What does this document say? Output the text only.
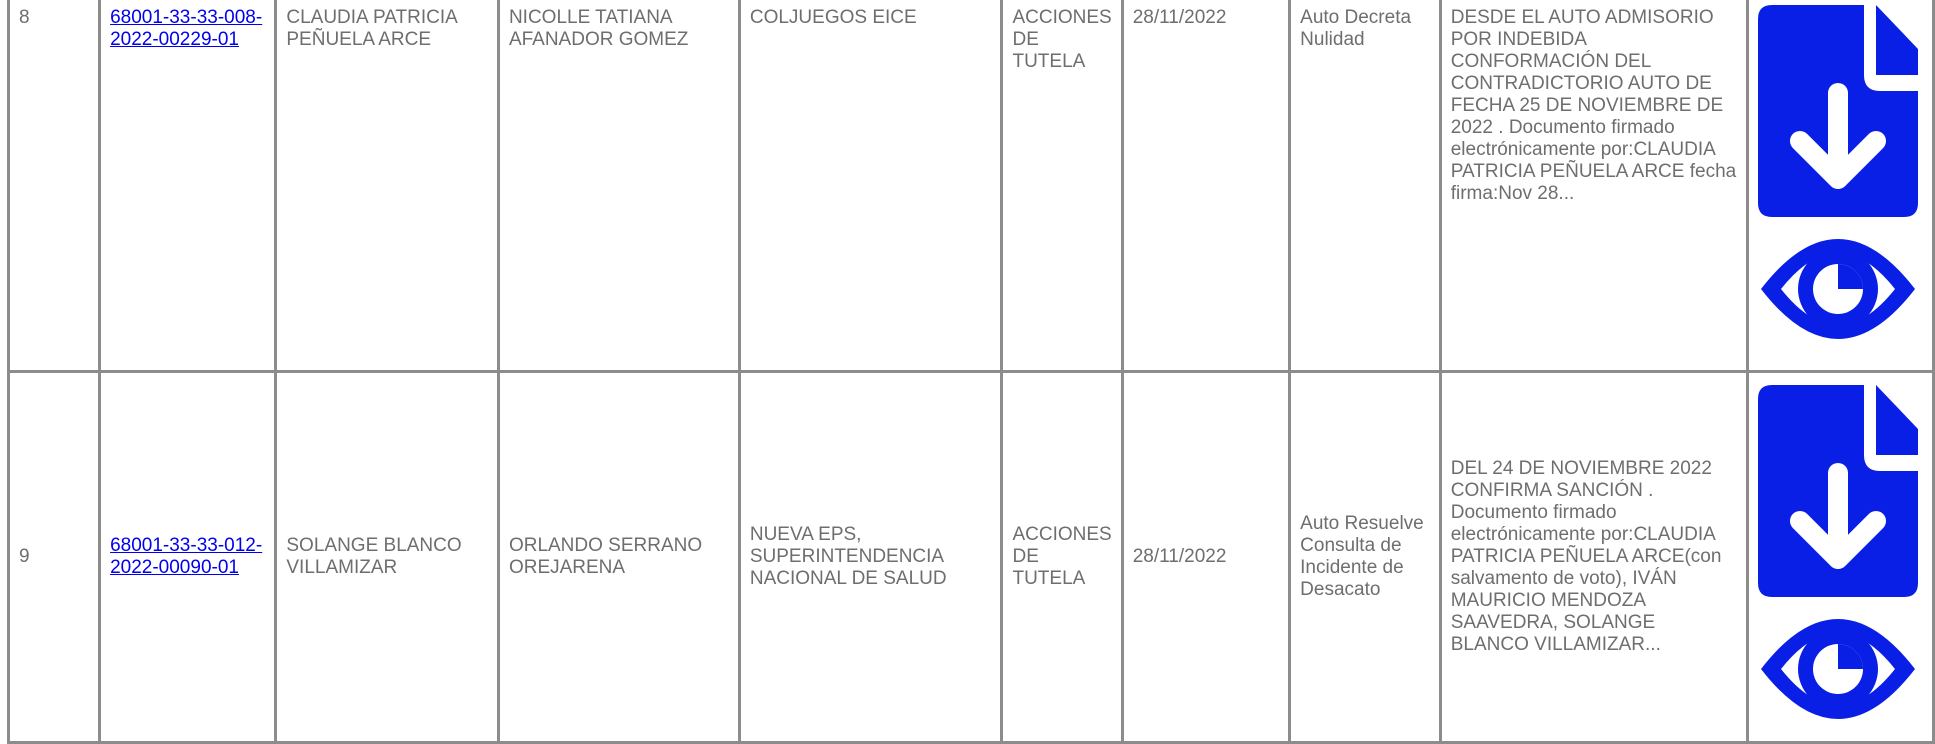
8	68001-33-33-008-2022-00229-01	CLAUDIA PATRICIA PEÑUELA ARCE	NICOLLE TATIANA AFANADOR GOMEZ	COLJUEGOS EICE	ACCIONES DE TUTELA	28/11/2022	Auto Decreta Nulidad	DESDE EL AUTO ADMISORIO POR INDEBIDA CONFORMACIÓN DEL CONTRADICTORIO AUTO DE FECHA 25 DE NOVIEMBRE DE 2022 . Documento firmado electrónicamente por:CLAUDIA PATRICIA PEÑUELA ARCE fecha firma:Nov 28...	

9	68001-33-33-012-2022-00090-01	SOLANGE BLANCO VILLAMIZAR	ORLANDO SERRANO OREJARENA	NUEVA EPS, SUPERINTENDENCIA NACIONAL DE SALUD	ACCIONES DE TUTELA	28/11/2022	Auto Resuelve Consulta de Incidente de Desacato	DEL 24 DE NOVIEMBRE 2022 CONFIRMA SANCIÓN . Documento firmado electrónicamente por:CLAUDIA PATRICIA PEÑUELA ARCE(con salvamento de voto), IVÁN MAURICIO MENDOZA SAAVEDRA, SOLANGE BLANCO VILLAMIZAR...	
